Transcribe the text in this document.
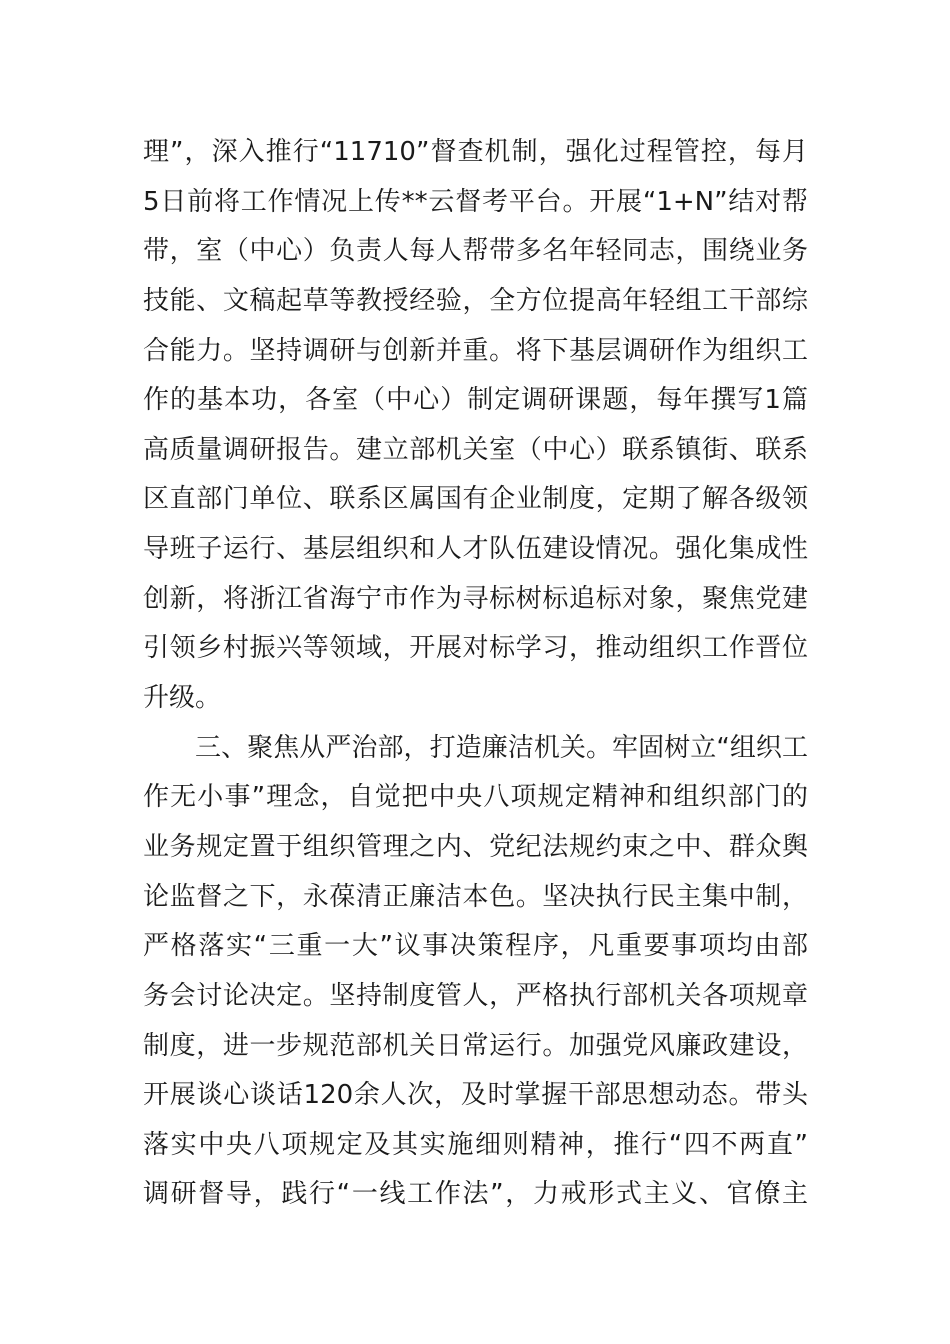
理”，深入推行“11710”督查机制，强化过程管控，每月
5日前将工作情况上传**云督考平台。开展“1+N”结对帮
带，室（中心）负责人每人帮带多名年轻同志，围绕业务
技能、文稿起草等教授经验，全方位提高年轻组工干部综
合能力。坚持调研与创新并重。将下基层调研作为组织工
作的基本功，各室（中心）制定调研课题，每年撰写1篇
高质量调研报告。建立部机关室（中心）联系镇街、联系
区直部门单位、联系区属国有企业制度，定期了解各级领
导班子运行、基层组织和人才队伍建设情况。强化集成性
创新，将浙江省海宁市作为寻标树标追标对象，聚焦党建
引领乡村振兴等领域，开展对标学习，推动组织工作晋位
升级。
三、聚焦从严治部，打造廉洁机关。牢固树立“组织工
作无小事”理念，自觉把中央八项规定精神和组织部门的
业务规定置于组织管理之内、党纪法规约束之中、群众舆
论监督之下，永葆清正廉洁本色。坚决执行民主集中制，
严格落实“三重一大”议事决策程序，凡重要事项均由部
务会讨论决定。坚持制度管人，严格执行部机关各项规章
制度，进一步规范部机关日常运行。加强党风廉政建设，
开展谈心谈话120余人次，及时掌握干部思想动态。带头
落实中央八项规定及其实施细则精神，推行“四不两直”
调研督导，践行“一线工作法”，力戒形式主义、官僚主
